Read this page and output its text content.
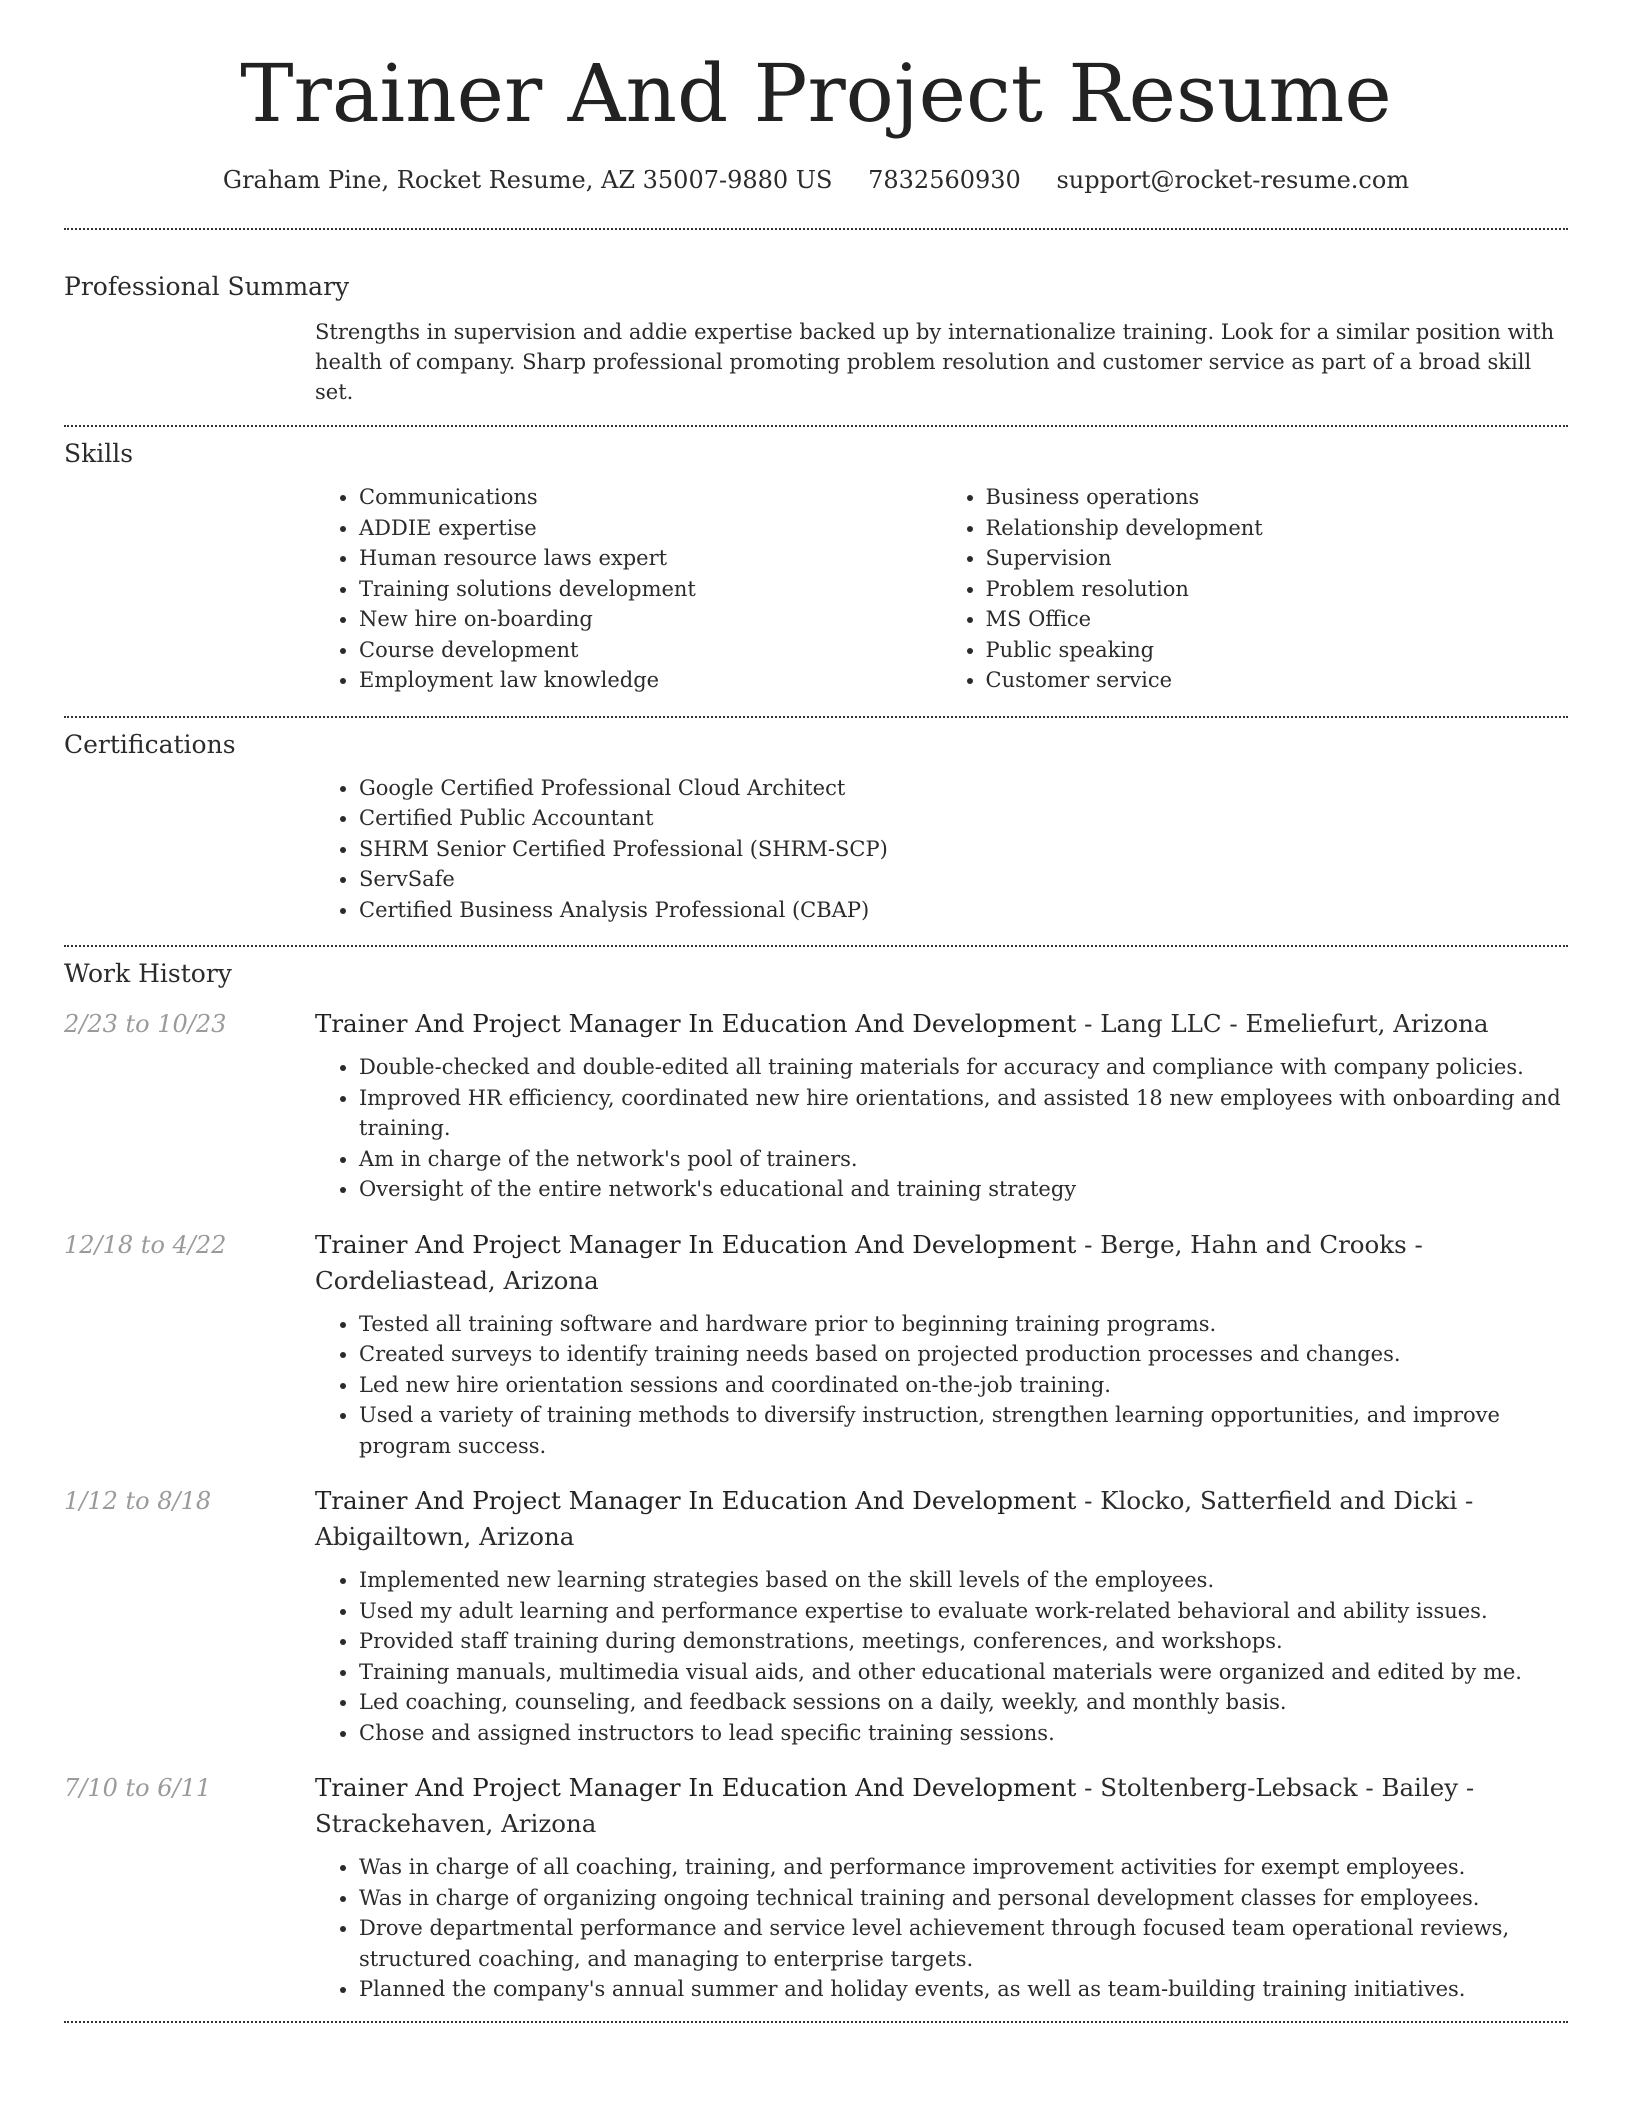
Trainer And Project Resume
Graham Pine, Rocket Resume, AZ 35007-9880 US 7832560930 support@rocket-resume.com
Professional Summary
Strengths in supervision and addie expertise backed up by internationalize training. Look for a similar position with health of company. Sharp professional promoting problem resolution and customer service as part of a broad skill set.
Skills
• Communications
• ADDIE expertise
• Human resource laws expert
• Training solutions development
• New hire on-boarding
• Course development
• Employment law knowledge
• Business operations
• Relationship development
• Supervision
• Problem resolution
• MS Office
• Public speaking
• Customer service
Certifications
• Google Certified Professional Cloud Architect
• Certified Public Accountant
• SHRM Senior Certified Professional (SHRM-SCP)
• ServSafe
• Certified Business Analysis Professional (CBAP)
Work History
2/23 to 10/23	Trainer And Project Manager In Education And Development - Lang LLC - Emeliefurt, Arizona
• Double-checked and double-edited all training materials for accuracy and compliance with company policies.
• Improved HR efficiency, coordinated new hire orientations, and assisted 18 new employees with onboarding and training.
• Am in charge of the network's pool of trainers.
• Oversight of the entire network's educational and training strategy
12/18 to 4/22	Trainer And Project Manager In Education And Development - Berge, Hahn and Crooks - Cordeliastead, Arizona
• Tested all training software and hardware prior to beginning training programs.
• Created surveys to identify training needs based on projected production processes and changes.
• Led new hire orientation sessions and coordinated on-the-job training.
• Used a variety of training methods to diversify instruction, strengthen learning opportunities, and improve program success.
1/12 to 8/18	Trainer And Project Manager In Education And Development - Klocko, Satterfield and Dicki - Abigailtown, Arizona
• Implemented new learning strategies based on the skill levels of the employees.
• Used my adult learning and performance expertise to evaluate work-related behavioral and ability issues.
• Provided staff training during demonstrations, meetings, conferences, and workshops.
• Training manuals, multimedia visual aids, and other educational materials were organized and edited by me.
• Led coaching, counseling, and feedback sessions on a daily, weekly, and monthly basis.
• Chose and assigned instructors to lead specific training sessions.
7/10 to 6/11	Trainer And Project Manager In Education And Development - Stoltenberg-Lebsack - Bailey - Strackehaven, Arizona
• Was in charge of all coaching, training, and performance improvement activities for exempt employees.
• Was in charge of organizing ongoing technical training and personal development classes for employees.
• Drove departmental performance and service level achievement through focused team operational reviews, structured coaching, and managing to enterprise targets.
• Planned the company's annual summer and holiday events, as well as team-building training initiatives.
